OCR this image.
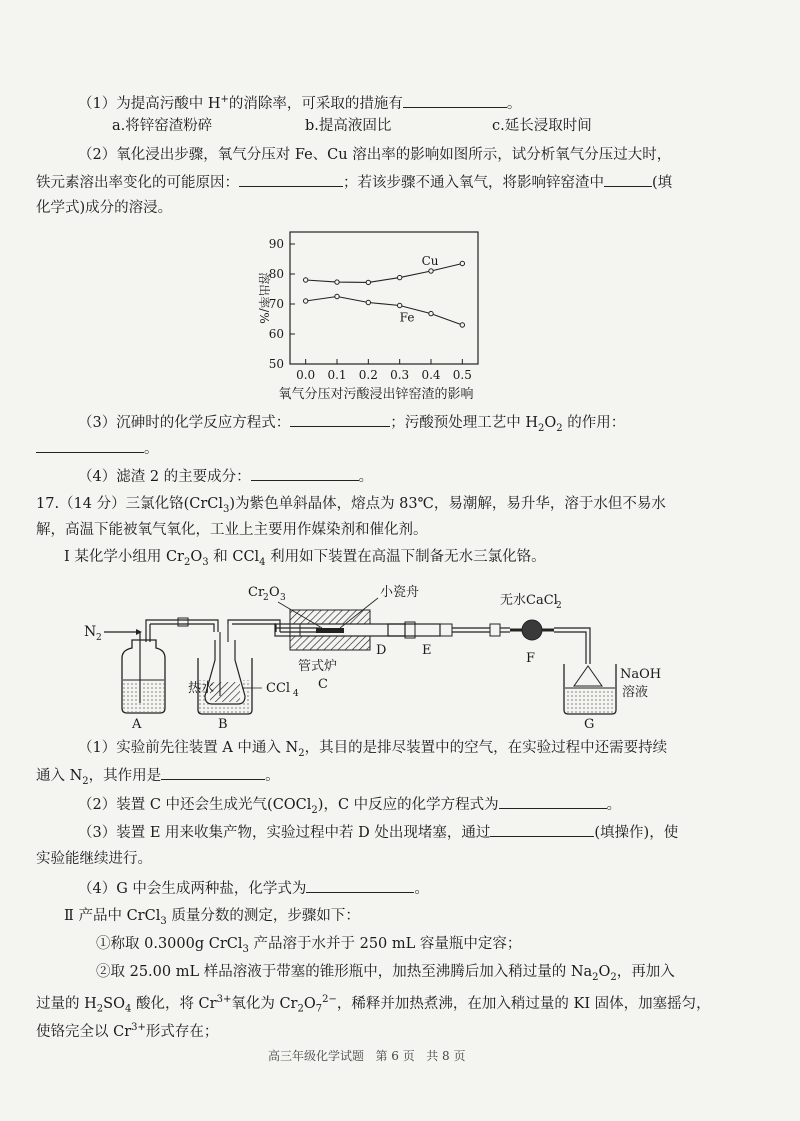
（1）为提高污酸中 H+的消除率，可采取的措施有	。
a.将锌窑渣粉碎	b.提高液固比	c.延长浸取时间
（2）氧化浸出步骤，氧气分压对 Fe、Cu 溶出率的影响如图所示，试分析氧气分压过大时，
铁元素溶出率变化的可能原因：	；若该步骤不通入氧气，将影响锌窑渣中	(填
化学式)成分的溶浸。
50
60
70
80
90
0.0 0.1 0.2 0.3 0.4 0.5
溶出率/%
氧气分压对污酸浸出锌窑渣的影响
Cu
Fe
（3）沉砷时的化学反应方程式：	；污酸预处理工艺中 $H_2O_2$ 的作用：
。
（4）滤渣 2 的主要成分：	。
17.（14 分）三氯化铬(CrCl$_3$)为紫色单斜晶体，熔点为 83℃，易潮解，易升华，溶于水但不易水
解，高温下能被氧气氧化，工业上主要用作媒染剂和催化剂。
Ⅰ 某化学小组用 $Cr_2O_3$ 和 CCl$_4$ 利用如下装置在高温下制备无水三氯化铬。
N 2
A
热水	CCl 4
B
Cr
2 O 3	小瓷舟
管式炉
C
D	E
无水CaCl
2
F
NaOH
溶液
G
（1）实验前先往装置 A 中通入 $N_2$，其目的是排尽装置中的空气，在实验过程中还需要持续
通入 $N_2$，其作用是	。
（2）装置 C 中还会生成光气(COCl$_2$)，C 中反应的化学方程式为	。
（3）装置 E 用来收集产物，实验过程中若 D 处出现堵塞，通过	(填操作)，使
实验能继续进行。
（4）G 中会生成两种盐，化学式为	。
Ⅱ 产品中 CrCl$_3$ 质量分数的测定，步骤如下：
①称取 0.3000g CrCl$_3$ 产品溶于水并于 250 mL 容量瓶中定容；
②取 25.00 mL 样品溶液于带塞的锥形瓶中，加热至沸腾后加入稍过量的 $Na_2O_2$，再加入
过量的 $H_2SO_4$ 酸化，将 $Cr^{3+}$氧化为 $Cr_2O_7^{2-}$，稀释并加热煮沸，在加入稍过量的 KI 固体，加塞摇匀，
使铬完全以 $Cr^{3+}$形式存在；
高三年级化学试题 第 6 页 共 8 页
